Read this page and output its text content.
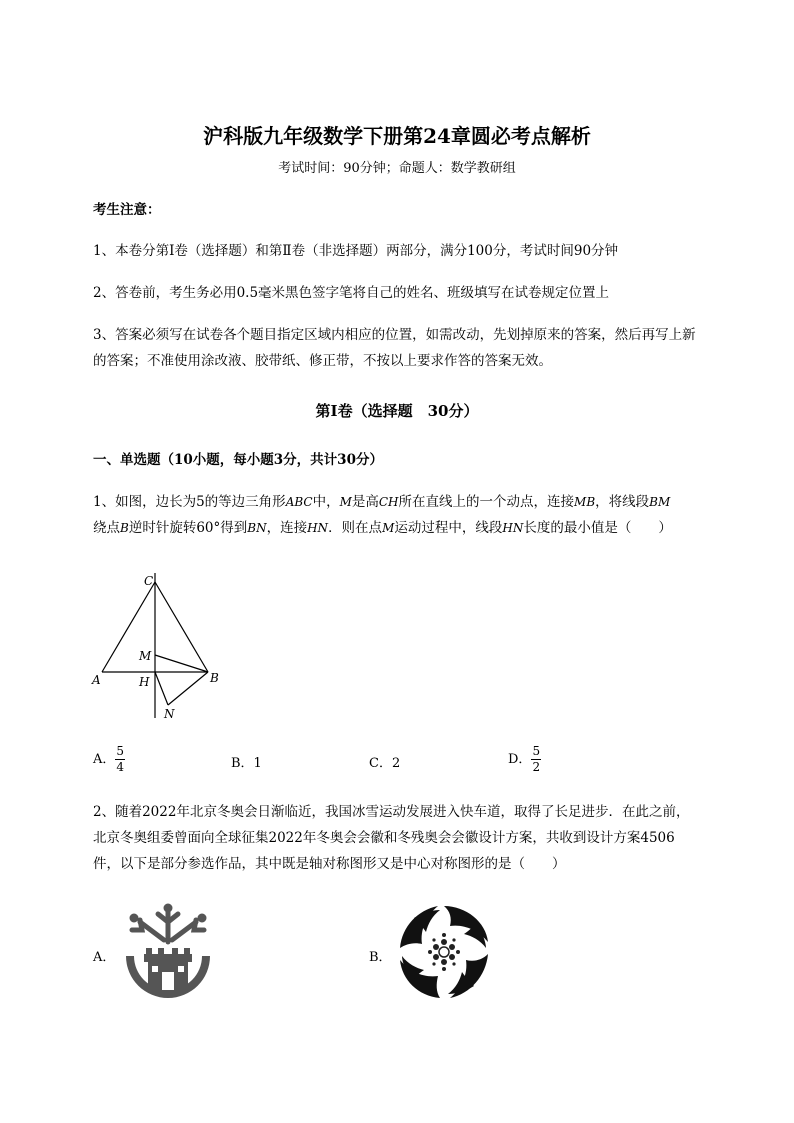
沪科版九年级数学下册第24章圆必考点解析
考试时间：90分钟；命题人：数学教研组
考生注意：
1、本卷分第Ⅰ卷（选择题）和第Ⅱ卷（非选择题）两部分，满分100分，考试时间90分钟
2、答卷前，考生务必用0.5毫米黑色签字笔将自己的姓名、班级填写在试卷规定位置上
3、答案必须写在试卷各个题目指定区域内相应的位置，如需改动，先划掉原来的答案，然后再写上新
的答案；不准使用涂改液、胶带纸、修正带，不按以上要求作答的答案无效。
第Ⅰ卷（选择题　30分）
一、单选题（10小题，每小题3分，共计30分）
1、如图，边长为5的等边三角形ABC中，M是高CH所在直线上的一个动点，连接MB，将线段BM
绕点B逆时针旋转60°得到BN，连接HN．则在点M运动过程中，线段HN长度的最小值是（　　）
C
M
A	H	B
N
A． $\frac{5}{4}$	B．1	C．2	D． $\frac{5}{2}$
2、随着2022年北京冬奥会日渐临近，我国冰雪运动发展进入快车道，取得了长足进步．在此之前，
北京冬奥组委曾面向全球征集2022年冬奥会会徽和冬残奥会会徽设计方案，共收到设计方案4506
件，以下是部分参选作品，其中既是轴对称图形又是中心对称图形的是（　　）
A．	B．
